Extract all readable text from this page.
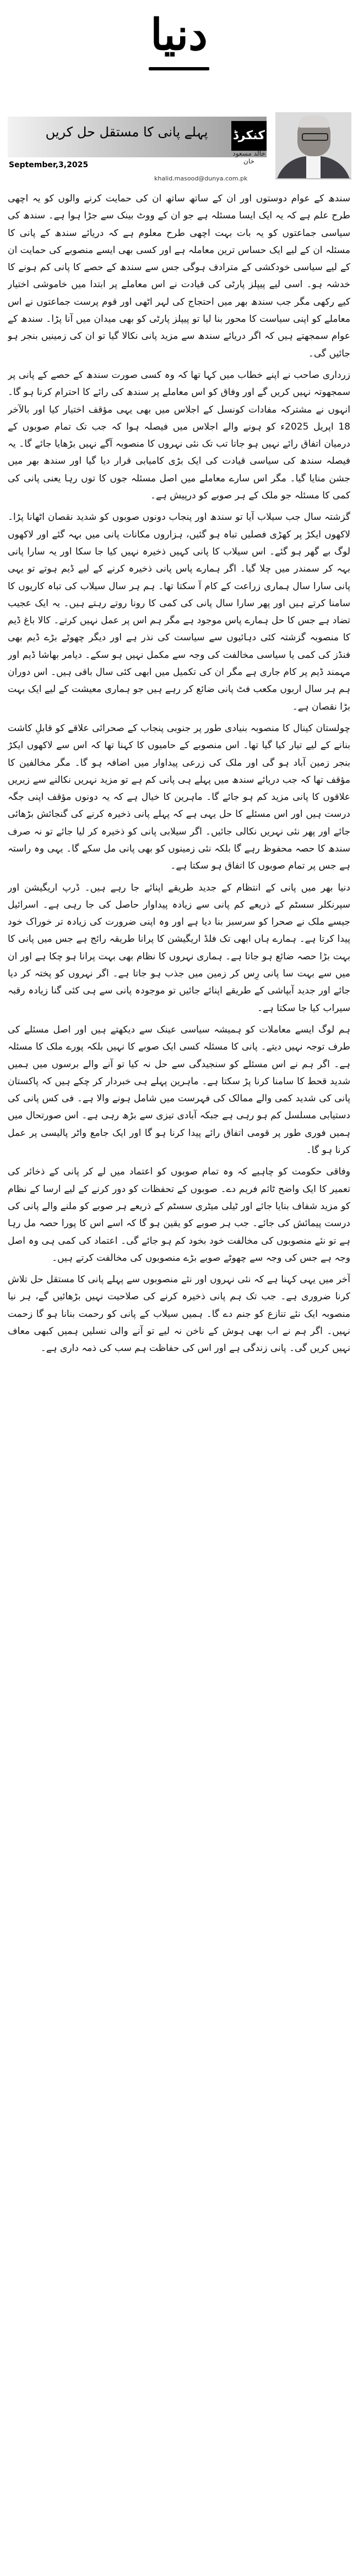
دنیا
پہلے پانی کا مستقل حل کریں کنکرڈ
خالد مسعود خان
September,3,2025
khalid.masood@dunya.com.pk

سندھ کے عوام دوستوں اور ان کے ساتھ ساتھ ان کی حمایت کرنے والوں کو یہ اچھی طرح علم ہے کہ یہ ایک ایسا مسئلہ ہے جو ان کے ووٹ بینک سے جڑا ہوا ہے۔ سندھ کی سیاسی جماعتوں کو یہ بات بہت اچھی طرح معلوم ہے کہ دریائے سندھ کے پانی کا مسئلہ ان کے لیے ایک حساس ترین معاملہ ہے اور کسی بھی ایسے منصوبے کی حمایت ان کے لیے سیاسی خودکشی کے مترادف ہوگی جس سے سندھ کے حصے کا پانی کم ہونے کا خدشہ ہو۔ اسی لیے پیپلز پارٹی کی قیادت نے اس معاملے پر ابتدا میں خاموشی اختیار کیے رکھی مگر جب سندھ بھر میں احتجاج کی لہر اٹھی اور قوم پرست جماعتوں نے اس معاملے کو اپنی سیاست کا محور بنا لیا تو پیپلز پارٹی کو بھی میدان میں آنا پڑا۔ سندھ کے عوام سمجھتے ہیں کہ اگر دریائے سندھ سے مزید پانی نکالا گیا تو ان کی زمینیں بنجر ہو جائیں گی۔

زرداری صاحب نے اپنے خطاب میں کہا تھا کہ وہ کسی صورت سندھ کے حصے کے پانی پر سمجھوتہ نہیں کریں گے اور وفاق کو اس معاملے پر سندھ کی رائے کا احترام کرنا ہو گا۔ انہوں نے مشترکہ مفادات کونسل کے اجلاس میں بھی یہی مؤقف اختیار کیا اور بالآخر 18 اپریل 2025ء کو ہونے والے اجلاس میں فیصلہ ہوا کہ جب تک تمام صوبوں کے درمیان اتفاق رائے نہیں ہو جاتا تب تک نئی نہروں کا منصوبہ آگے نہیں بڑھایا جائے گا۔ یہ فیصلہ سندھ کی سیاسی قیادت کی ایک بڑی کامیابی قرار دیا گیا اور سندھ بھر میں جشن منایا گیا۔ مگر اس سارے معاملے میں اصل مسئلہ جوں کا توں رہا یعنی پانی کی کمی کا مسئلہ جو ملک کے ہر صوبے کو درپیش ہے۔

گزشتہ سال جب سیلاب آیا تو سندھ اور پنجاب دونوں صوبوں کو شدید نقصان اٹھانا پڑا۔ لاکھوں ایکڑ پر کھڑی فصلیں تباہ ہو گئیں، ہزاروں مکانات پانی میں بہہ گئے اور لاکھوں لوگ بے گھر ہو گئے۔ اس سیلاب کا پانی کہیں ذخیرہ نہیں کیا جا سکا اور یہ سارا پانی بہہ کر سمندر میں چلا گیا۔ اگر ہمارے پاس پانی ذخیرہ کرنے کے لیے ڈیم ہوتے تو یہی پانی سارا سال ہماری زراعت کے کام آ سکتا تھا۔ ہم ہر سال سیلاب کی تباہ کاریوں کا سامنا کرتے ہیں اور پھر سارا سال پانی کی کمی کا رونا روتے رہتے ہیں۔ یہ ایک عجیب تضاد ہے جس کا حل ہمارے پاس موجود ہے مگر ہم اس پر عمل نہیں کرتے۔ کالا باغ ڈیم کا منصوبہ گزشتہ کئی دہائیوں سے سیاست کی نذر ہے اور دیگر چھوٹے بڑے ڈیم بھی فنڈز کی کمی یا سیاسی مخالفت کی وجہ سے مکمل نہیں ہو سکے۔ دیامر بھاشا ڈیم اور مہمند ڈیم پر کام جاری ہے مگر ان کی تکمیل میں ابھی کئی سال باقی ہیں۔ اس دوران ہم ہر سال اربوں مکعب فٹ پانی ضائع کر رہے ہیں جو ہماری معیشت کے لیے ایک بہت بڑا نقصان ہے۔

چولستان کینال کا منصوبہ بنیادی طور پر جنوبی پنجاب کے صحرائی علاقے کو قابلِ کاشت بنانے کے لیے تیار کیا گیا تھا۔ اس منصوبے کے حامیوں کا کہنا تھا کہ اس سے لاکھوں ایکڑ بنجر زمین آباد ہو گی اور ملک کی زرعی پیداوار میں اضافہ ہو گا۔ مگر مخالفین کا مؤقف تھا کہ جب دریائے سندھ میں پہلے ہی پانی کم ہے تو مزید نہریں نکالنے سے زیریں علاقوں کا پانی مزید کم ہو جائے گا۔ ماہرین کا خیال ہے کہ یہ دونوں مؤقف اپنی جگہ درست ہیں اور اس مسئلے کا حل یہی ہے کہ پہلے پانی ذخیرہ کرنے کی گنجائش بڑھائی جائے اور پھر نئی نہریں نکالی جائیں۔ اگر سیلابی پانی کو ذخیرہ کر لیا جائے تو نہ صرف سندھ کا حصہ محفوظ رہے گا بلکہ نئی زمینوں کو بھی پانی مل سکے گا۔ یہی وہ راستہ ہے جس پر تمام صوبوں کا اتفاق ہو سکتا ہے۔

دنیا بھر میں پانی کے انتظام کے جدید طریقے اپنائے جا رہے ہیں۔ ڈرپ اریگیشن اور سپرنکلر سسٹم کے ذریعے کم پانی سے زیادہ پیداوار حاصل کی جا رہی ہے۔ اسرائیل جیسے ملک نے صحرا کو سرسبز بنا دیا ہے اور وہ اپنی ضرورت کی زیادہ تر خوراک خود پیدا کرتا ہے۔ ہمارے ہاں ابھی تک فلڈ اریگیشن کا پرانا طریقہ رائج ہے جس میں پانی کا بہت بڑا حصہ ضائع ہو جاتا ہے۔ ہماری نہروں کا نظام بھی بہت پرانا ہو چکا ہے اور ان میں سے بہت سا پانی رِس کر زمین میں جذب ہو جاتا ہے۔ اگر نہروں کو پختہ کر دیا جائے اور جدید آبپاشی کے طریقے اپنائے جائیں تو موجودہ پانی سے ہی کئی گنا زیادہ رقبہ سیراب کیا جا سکتا ہے۔

ہم لوگ ایسے معاملات کو ہمیشہ سیاسی عینک سے دیکھتے ہیں اور اصل مسئلے کی طرف توجہ نہیں دیتے۔ پانی کا مسئلہ کسی ایک صوبے کا نہیں بلکہ پورے ملک کا مسئلہ ہے۔ اگر ہم نے اس مسئلے کو سنجیدگی سے حل نہ کیا تو آنے والے برسوں میں ہمیں شدید قحط کا سامنا کرنا پڑ سکتا ہے۔ ماہرین پہلے ہی خبردار کر چکے ہیں کہ پاکستان پانی کی شدید کمی والے ممالک کی فہرست میں شامل ہونے والا ہے۔ فی کس پانی کی دستیابی مسلسل کم ہو رہی ہے جبکہ آبادی تیزی سے بڑھ رہی ہے۔ اس صورتحال میں ہمیں فوری طور پر قومی اتفاق رائے پیدا کرنا ہو گا اور ایک جامع واٹر پالیسی پر عمل کرنا ہو گا۔

وفاقی حکومت کو چاہیے کہ وہ تمام صوبوں کو اعتماد میں لے کر پانی کے ذخائر کی تعمیر کا ایک واضح ٹائم فریم دے۔ صوبوں کے تحفظات کو دور کرنے کے لیے ارسا کے نظام کو مزید شفاف بنایا جائے اور ٹیلی میٹری سسٹم کے ذریعے ہر صوبے کو ملنے والے پانی کی درست پیمائش کی جائے۔ جب ہر صوبے کو یقین ہو گا کہ اسے اس کا پورا حصہ مل رہا ہے تو نئے منصوبوں کی مخالفت خود بخود کم ہو جائے گی۔ اعتماد کی کمی ہی وہ اصل وجہ ہے جس کی وجہ سے چھوٹے صوبے بڑے منصوبوں کی مخالفت کرتے ہیں۔

آخر میں یہی کہنا ہے کہ نئی نہروں اور نئے منصوبوں سے پہلے پانی کا مستقل حل تلاش کرنا ضروری ہے۔ جب تک ہم پانی ذخیرہ کرنے کی صلاحیت نہیں بڑھائیں گے، ہر نیا منصوبہ ایک نئے تنازع کو جنم دے گا۔ ہمیں سیلاب کے پانی کو رحمت بنانا ہو گا زحمت نہیں۔ اگر ہم نے اب بھی ہوش کے ناخن نہ لیے تو آنے والی نسلیں ہمیں کبھی معاف نہیں کریں گی۔ پانی زندگی ہے اور اس کی حفاظت ہم سب کی ذمہ داری ہے۔
